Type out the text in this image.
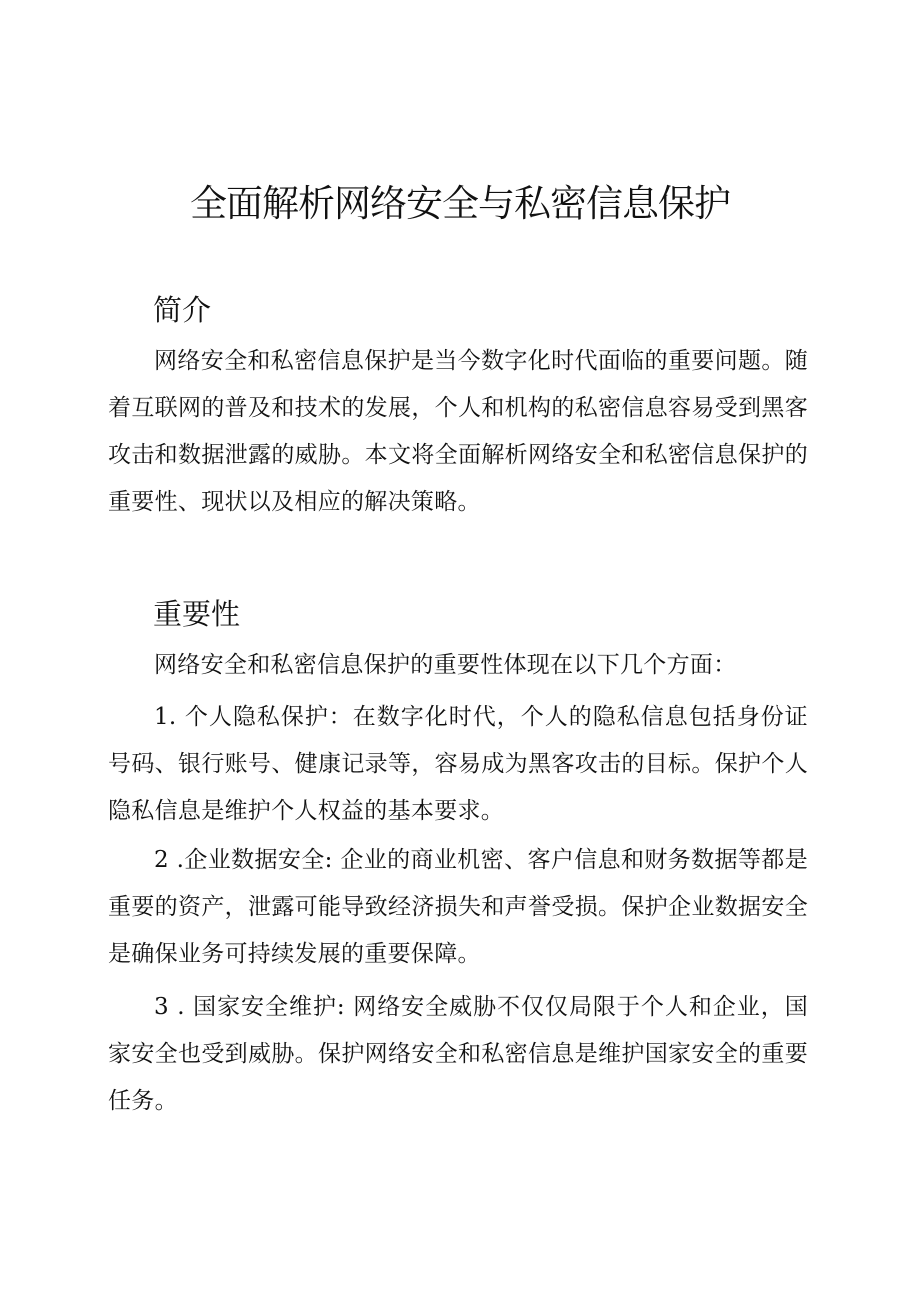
全面解析网络安全与私密信息保护
简介

网络安全和私密信息保护是当今数字化时代面临的重要问题。随着互联网的普及和技术的发展，个人和机构的私密信息容易受到黑客攻击和数据泄露的威胁。本文将全面解析网络安全和私密信息保护的重要性、现状以及相应的解决策略。

重要性

网络安全和私密信息保护的重要性体现在以下几个方面：

1. 个人隐私保护：在数字化时代，个人的隐私信息包括身份证号码、银行账号、健康记录等，容易成为黑客攻击的目标。保护个人隐私信息是维护个人权益的基本要求。

2 .企业数据安全: 企业的商业机密、客户信息和财务数据等都是重要的资产，泄露可能导致经济损失和声誉受损。保护企业数据安全是确保业务可持续发展的重要保障。

3 . 国家安全维护: 网络安全威胁不仅仅局限于个人和企业，国家安全也受到威胁。保护网络安全和私密信息是维护国家安全的重要任务。
